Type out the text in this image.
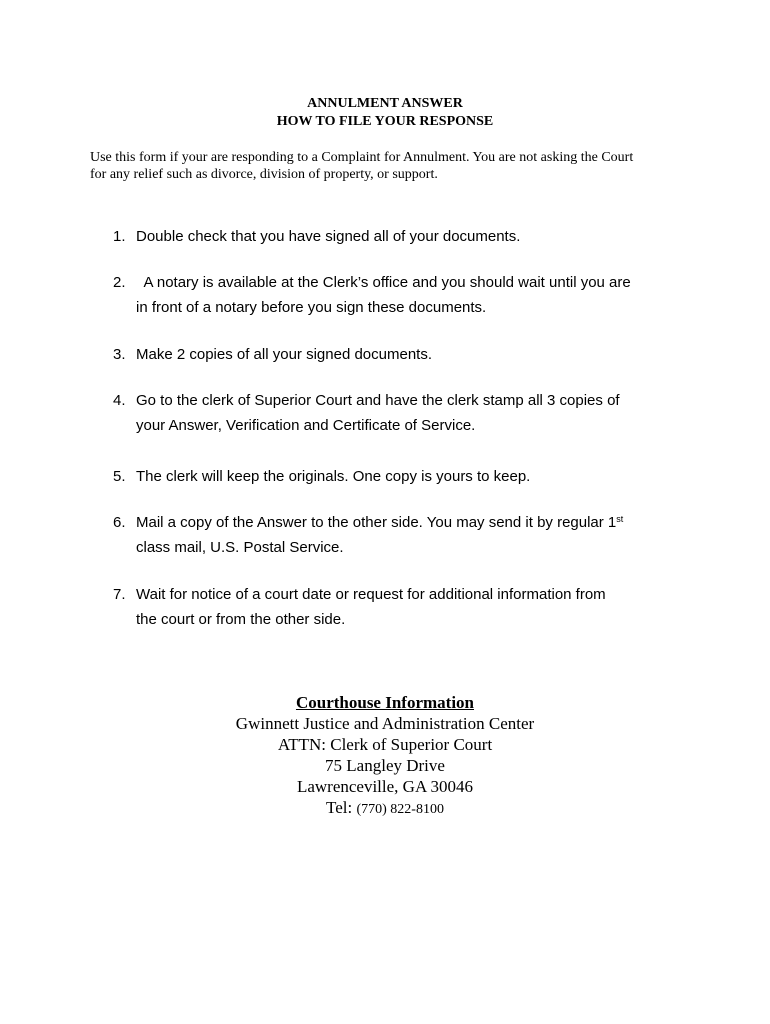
ANNULMENT ANSWER
HOW TO FILE YOUR RESPONSE
Use this form if your are responding to a Complaint for Annulment. You are not asking the Court
for any relief such as divorce, division of property, or support.
1. Double check that you have signed all of your documents.
2. A notary is available at the Clerk’s office and you should wait until you are
in front of a notary before you sign these documents.
3. Make 2 copies of all your signed documents.
4. Go to the clerk of Superior Court and have the clerk stamp all 3 copies of
your Answer, Verification and Certificate of Service.
5. The clerk will keep the originals. One copy is yours to keep.
6. Mail a copy of the Answer to the other side. You may send it by regular 1st
class mail, U.S. Postal Service.
7. Wait for notice of a court date or request for additional information from
the court or from the other side.
Courthouse Information
Gwinnett Justice and Administration Center
ATTN: Clerk of Superior Court
75 Langley Drive
Lawrenceville, GA 30046
Tel: (770) 822-8100
